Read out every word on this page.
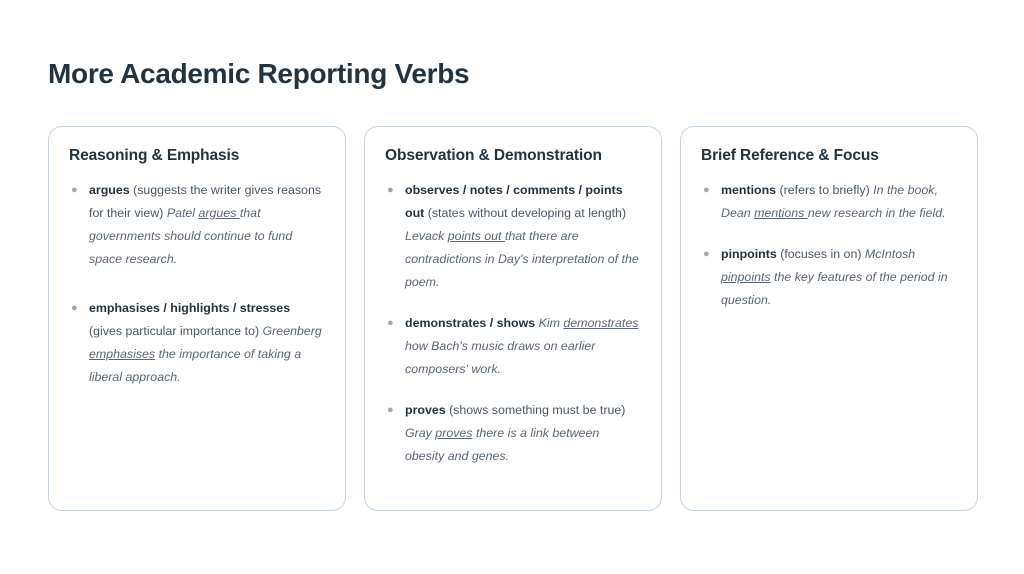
More Academic Reporting Verbs
Reasoning & Emphasis
● argues (suggests the writer gives reasons for their view) Patel argues that governments should continue to fund space research.
● emphasises / highlights / stresses (gives particular importance to) Greenberg emphasises the importance of taking a liberal approach.
Observation & Demonstration
● observes / notes / comments / points out (states without developing at length) Levack points out that there are contradictions in Day's interpretation of the poem.
● demonstrates / shows Kim demonstrates how Bach's music draws on earlier composers' work.
● proves (shows something must be true) Gray proves there is a link between obesity and genes.
Brief Reference & Focus
● mentions (refers to briefly) In the book, Dean mentions new research in the field.
● pinpoints (focuses in on) McIntosh pinpoints the key features of the period in question.
